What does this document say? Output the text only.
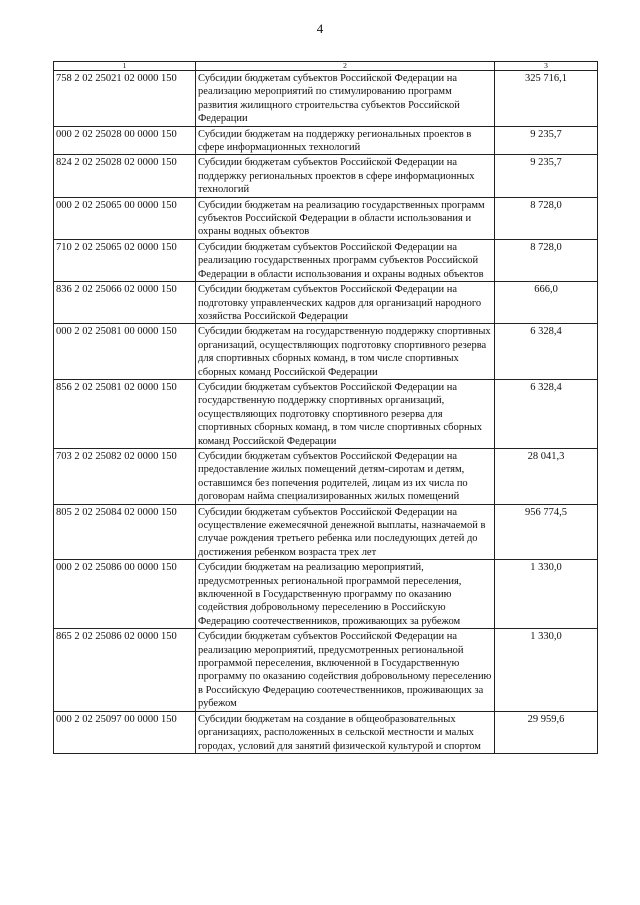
4
1	2	3
758 2 02 25021 02 0000 150	Субсидии бюджетам субъектов Российской Федерации на реализацию мероприятий по стимулированию программ развития жилищного строительства субъектов Российской Федерации	325 716,1
000 2 02 25028 00 0000 150	Субсидии бюджетам на поддержку региональных проектов в сфере информационных технологий	9 235,7
824 2 02 25028 02 0000 150	Субсидии бюджетам субъектов Российской Федерации на поддержку региональных проектов в сфере информационных технологий	9 235,7
000 2 02 25065 00 0000 150	Субсидии бюджетам на реализацию государственных программ субъектов Российской Федерации в области использования и охраны водных объектов	8 728,0
710 2 02 25065 02 0000 150	Субсидии бюджетам субъектов Российской Федерации на реализацию государственных программ субъектов Российской Федерации в области использования и охраны водных объектов	8 728,0
836 2 02 25066 02 0000 150	Субсидии бюджетам субъектов Российской Федерации на подготовку управленческих кадров для организаций народного хозяйства Российской Федерации	666,0
000 2 02 25081 00 0000 150	Субсидии бюджетам на государственную поддержку спортивных организаций, осуществляющих подготовку спортивного резерва для спортивных сборных команд, в том числе спортивных сборных команд Российской Федерации	6 328,4
856 2 02 25081 02 0000 150	Субсидии бюджетам субъектов Российской Федерации на государственную поддержку спортивных организаций, осуществляющих подготовку спортивного резерва для спортивных сборных команд, в том числе спортивных сборных команд Российской Федерации	6 328,4
703 2 02 25082 02 0000 150	Субсидии бюджетам субъектов Российской Федерации на предоставление жилых помещений детям-сиротам и детям, оставшимся без попечения родителей, лицам из их числа по договорам найма специализированных жилых помещений	28 041,3
805 2 02 25084 02 0000 150	Субсидии бюджетам субъектов Российской Федерации на осуществление ежемесячной денежной выплаты, назначаемой в случае рождения третьего ребенка или последующих детей до достижения ребенком возраста трех лет	956 774,5
000 2 02 25086 00 0000 150	Субсидии бюджетам на реализацию мероприятий, предусмотренных региональной программой переселения, включенной в Государственную программу по оказанию содействия добровольному переселению в Российскую Федерацию соотечественников, проживающих за рубежом	1 330,0
865 2 02 25086 02 0000 150	Субсидии бюджетам субъектов Российской Федерации на реализацию мероприятий, предусмотренных региональной программой переселения, включенной в Государственную программу по оказанию содействия добровольному переселению в Российскую Федерацию соотечественников, проживающих за рубежом	1 330,0
000 2 02 25097 00 0000 150	Субсидии бюджетам на создание в общеобразовательных организациях, расположенных в сельской местности и малых городах, условий для занятий физической культурой и спортом	29 959,6
